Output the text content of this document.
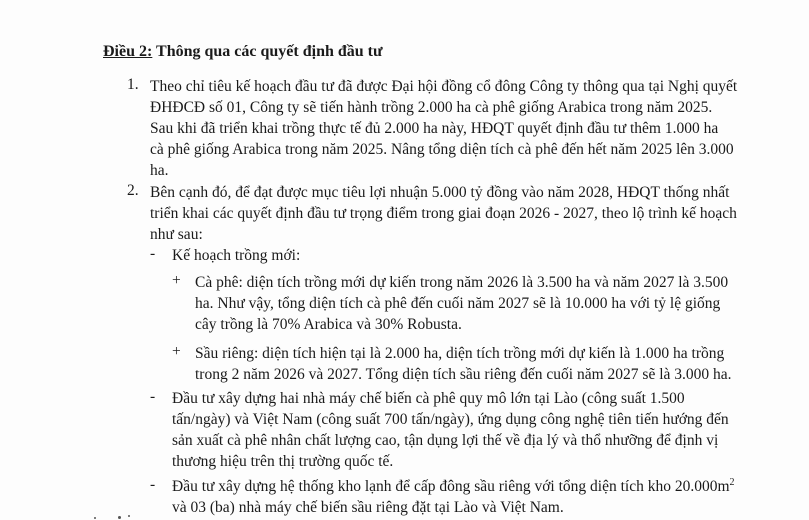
Điều 2: Thông qua các quyết định đầu tư
1. Theo chỉ tiêu kế hoạch đầu tư đã được Đại hội đồng cổ đông Công ty thông qua tại Nghị quyết
ĐHĐCĐ số 01, Công ty sẽ tiến hành trồng 2.000 ha cà phê giống Arabica trong năm 2025.
Sau khi đã triển khai trồng thực tế đủ 2.000 ha này, HĐQT quyết định đầu tư thêm 1.000 ha
cà phê giống Arabica trong năm 2025. Nâng tổng diện tích cà phê đến hết năm 2025 lên 3.000
ha.
2. Bên cạnh đó, để đạt được mục tiêu lợi nhuận 5.000 tỷ đồng vào năm 2028, HĐQT thống nhất
triển khai các quyết định đầu tư trọng điểm trong giai đoạn 2026 - 2027, theo lộ trình kế hoạch
như sau:
-	Kế hoạch trồng mới:
+ Cà phê: diện tích trồng mới dự kiến trong năm 2026 là 3.500 ha và năm 2027 là 3.500
ha. Như vậy, tổng diện tích cà phê đến cuối năm 2027 sẽ là 10.000 ha với tỷ lệ giống
cây trồng là 70% Arabica và 30% Robusta.
+ Sầu riêng: diện tích hiện tại là 2.000 ha, diện tích trồng mới dự kiến là 1.000 ha trồng
trong 2 năm 2026 và 2027. Tổng diện tích sầu riêng đến cuối năm 2027 sẽ là 3.000 ha.
-	Đầu tư xây dựng hai nhà máy chế biến cà phê quy mô lớn tại Lào (công suất 1.500
tấn/ngày) và Việt Nam (công suất 700 tấn/ngày), ứng dụng công nghệ tiên tiến hướng đến
sản xuất cà phê nhân chất lượng cao, tận dụng lợi thế về địa lý và thổ nhưỡng để định vị
thương hiệu trên thị trường quốc tế.
-	Đầu tư xây dựng hệ thống kho lạnh để cấp đông sầu riêng với tổng diện tích kho $20.000m^2$
và 03 (ba) nhà máy chế biến sầu riêng đặt tại Lào và Việt Nam.
